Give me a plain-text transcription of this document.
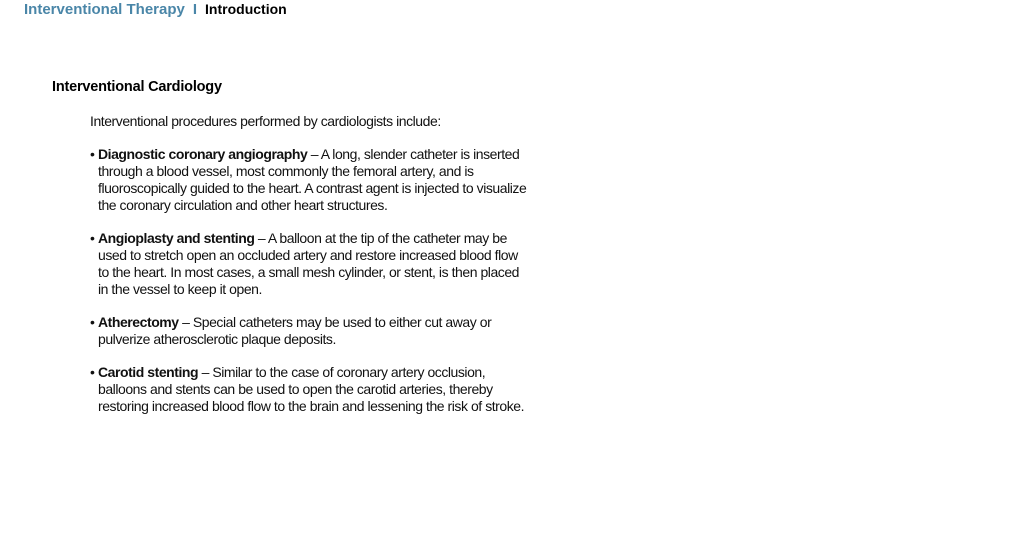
Interventional Therapy I Introduction
Interventional Cardiology

Interventional procedures performed by cardiologists include:

• Diagnostic coronary angiography – A long, slender catheter is inserted through a blood vessel, most commonly the femoral artery, and is fluoroscopically guided to the heart. A contrast agent is injected to visualize the coronary circulation and other heart structures.
• Angioplasty and stenting – A balloon at the tip of the catheter may be used to stretch open an occluded artery and restore increased blood flow to the heart. In most cases, a small mesh cylinder, or stent, is then placed in the vessel to keep it open.
• Atherectomy – Special catheters may be used to either cut away or pulverize atherosclerotic plaque deposits.
• Carotid stenting – Similar to the case of coronary artery occlusion, balloons and stents can be used to open the carotid arteries, thereby restoring increased blood flow to the brain and lessening the risk of stroke.
